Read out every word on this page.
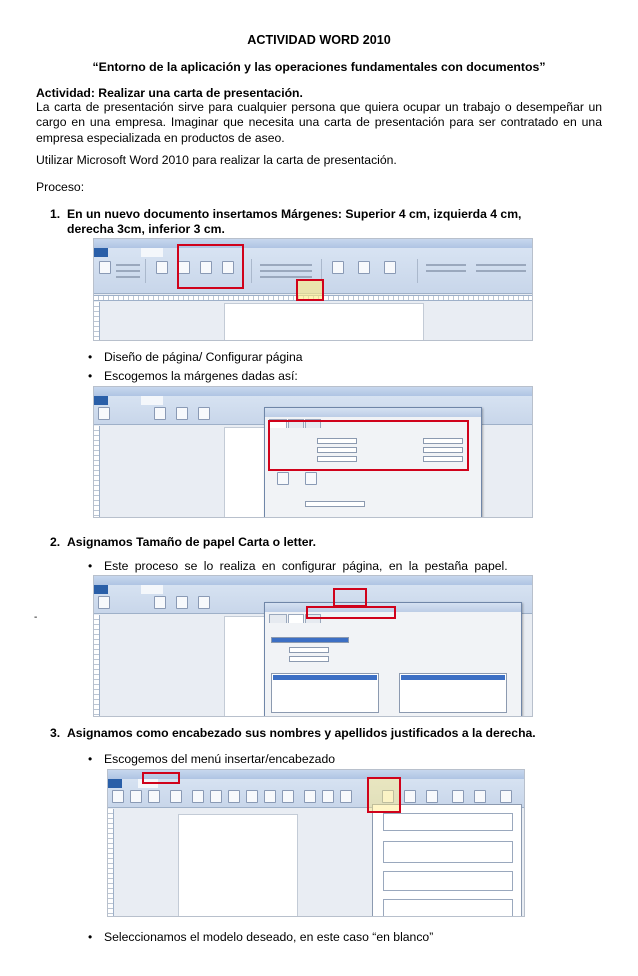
ACTIVIDAD WORD 2010
“Entorno de la aplicación y las operaciones fundamentales con documentos”
Actividad: Realizar una carta de presentación.
La carta de presentación sirve para cualquier persona que quiera ocupar un trabajo o desempeñar un cargo en una empresa. Imaginar que necesita una carta de presentación para ser contratado en una empresa especializada en productos de aseo.
Utilizar Microsoft Word 2010 para realizar la carta de presentación.
Proceso:
1. En un nuevo documento insertamos Márgenes: Superior 4 cm, izquierda 4 cm, derecha 3cm, inferior 3 cm.

• Diseño de página/ Configurar página
• Escogemos la márgenes dadas así:

2. Asignamos Tamaño de papel Carta o letter.
• Este proceso se lo realiza en configurar página, en la pestaña papel.
-

3. Asignamos como encabezado sus nombres y apellidos justificados a la derecha.
• Escogemos del menú insertar/encabezado

• Seleccionamos el modelo deseado, en este caso “en blanco”
